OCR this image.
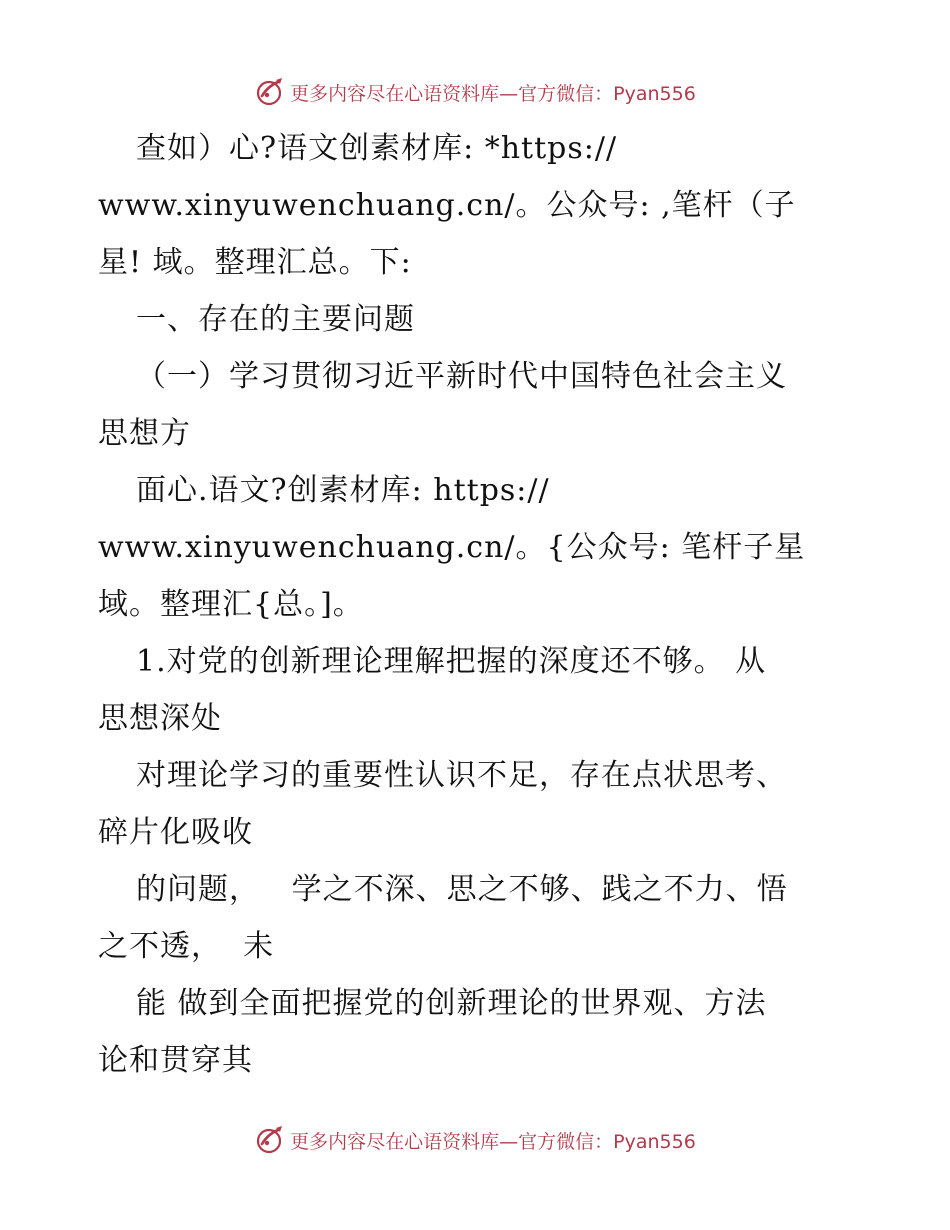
更多内容尽在心语资料库—官方微信：Pyan556
查如）心?语文创素材库: *https://
www.xinyuwenchuang.cn/。公众号: ,笔杆（子
星! 域。整理汇总。下:
一、存在的主要问题
（一）学习贯彻习近平新时代中国特色社会主义
思想方
面心.语文?创素材库: https://
www.xinyuwenchuang.cn/。{公众号: 笔杆子星
域。整理汇{总。]。
1.对党的创新理论理解把握的深度还不够。 从
思想深处
对理论学习的重要性认识不足，存在点状思考、
碎片化吸收
的问题，   学之不深、思之不够、践之不力、悟
之不透，  未
能 做到全面把握党的创新理论的世界观、方法
论和贯穿其
更多内容尽在心语资料库—官方微信：Pyan556
